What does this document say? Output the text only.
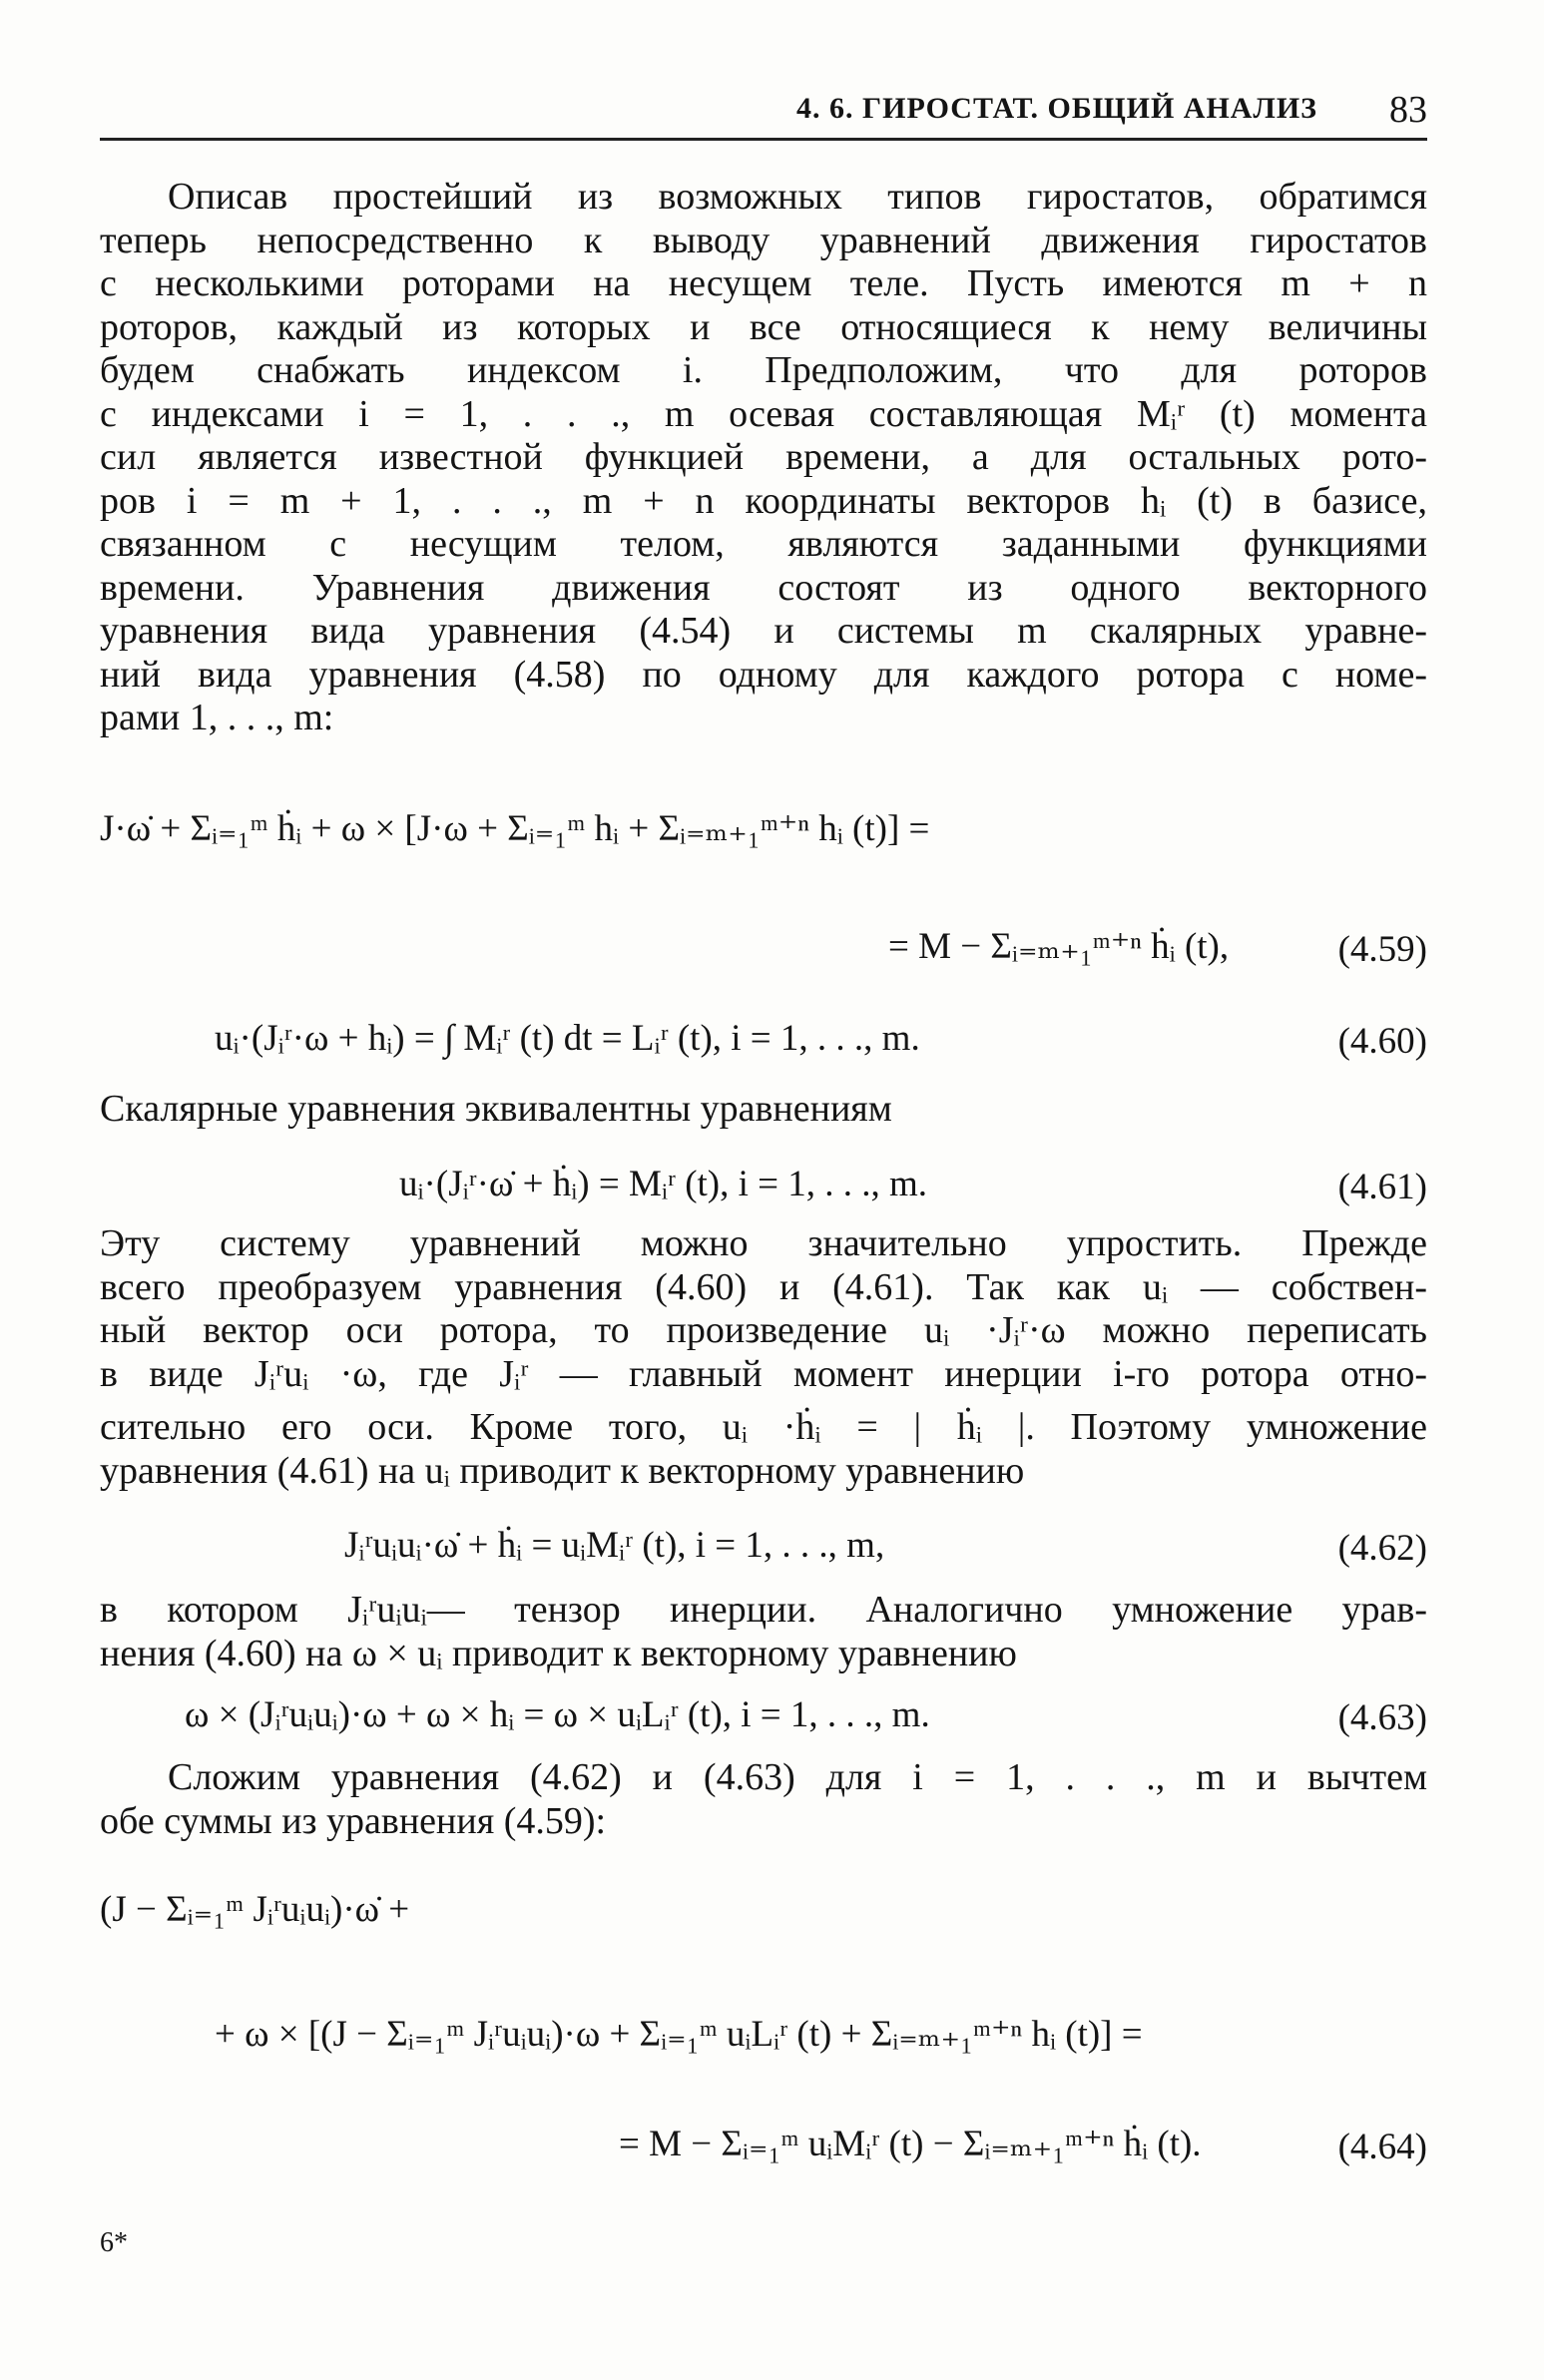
4. 6. ГИРОСТАТ. ОБЩИЙ АНАЛИЗ 83
Описав простейший из возможных типов гиростатов, обратимся
теперь непосредственно к выводу уравнений движения гиростатов
с несколькими роторами на несущем теле. Пусть имеются m + n
роторов, каждый из которых и все относящиеся к нему величины
будем снабжать индексом i. Предположим, что для роторов
с индексами i = 1, . . ., m осевая составляющая Mᵢʳ (t) момента
сил является известной функцией времени, а для остальных рото-
ров i = m + 1, . . ., m + n координаты векторов hᵢ (t) в базисе,
связанном с несущим телом, являются заданными функциями
времени. Уравнения движения состоят из одного векторного
уравнения вида уравнения (4.54) и системы m скалярных уравне-
ний вида уравнения (4.58) по одному для каждого ротора с номе-
рами 1, . . ., m:
J·ω̇ + Σᵢ₌₁ᵐ ḣᵢ + ω × [J·ω + Σᵢ₌₁ᵐ hᵢ + Σᵢ₌ₘ₊₁ᵐ⁺ⁿ hᵢ (t)] =
= M − Σᵢ₌ₘ₊₁ᵐ⁺ⁿ ḣᵢ (t),	(4.59)
uᵢ·(Jᵢʳ·ω + hᵢ) = ∫ Mᵢʳ (t) dt = Lᵢʳ (t), i = 1, . . ., m.	(4.60)
Скалярные уравнения эквивалентны уравнениям
uᵢ·(Jᵢʳ·ω̇ + ḣᵢ) = Mᵢʳ (t), i = 1, . . ., m.	(4.61)
Эту систему уравнений можно значительно упростить. Прежде
всего преобразуем уравнения (4.60) и (4.61). Так как uᵢ — собствен-
ный вектор оси ротора, то произведение uᵢ ·Jᵢʳ·ω можно переписать
в виде Jᵢʳuᵢ ·ω, где Jᵢʳ — главный момент инерции i-го ротора отно-
сительно его оси. Кроме того, uᵢ ·ḣᵢ = | ḣᵢ |. Поэтому умножение
уравнения (4.61) на uᵢ приводит к векторному уравнению
Jᵢʳuᵢuᵢ·ω̇ + ḣᵢ = uᵢMᵢʳ (t), i = 1, . . ., m,	(4.62)
в котором Jᵢʳuᵢuᵢ— тензор инерции. Аналогично умножение урав-
нения (4.60) на ω × uᵢ приводит к векторному уравнению
ω × (Jᵢʳuᵢuᵢ)·ω + ω × hᵢ = ω × uᵢLᵢʳ (t), i = 1, . . ., m.	(4.63)
Сложим уравнения (4.62) и (4.63) для i = 1, . . ., m и вычтем
обе суммы из уравнения (4.59):
(J − Σᵢ₌₁ᵐ Jᵢʳuᵢuᵢ)·ω̇ +
+ ω × [(J − Σᵢ₌₁ᵐ Jᵢʳuᵢuᵢ)·ω + Σᵢ₌₁ᵐ uᵢLᵢʳ (t) + Σᵢ₌ₘ₊₁ᵐ⁺ⁿ hᵢ (t)] =
= M − Σᵢ₌₁ᵐ uᵢMᵢʳ (t) − Σᵢ₌ₘ₊₁ᵐ⁺ⁿ ḣᵢ (t).	(4.64)
6*
